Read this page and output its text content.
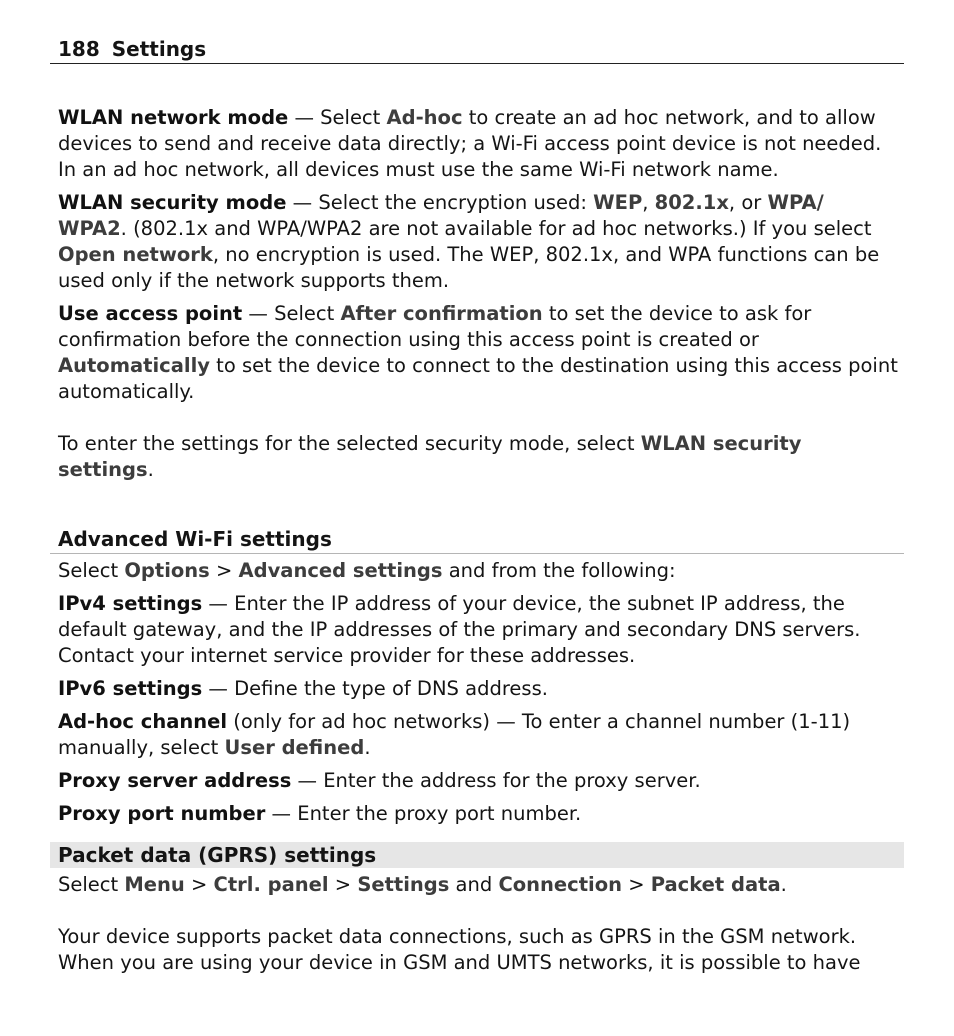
188 Settings

WLAN network mode — Select Ad-hoc to create an ad hoc network, and to allow devices to send and receive data directly; a Wi-Fi access point device is not needed. In an ad hoc network, all devices must use the same Wi-Fi network name.

WLAN security mode — Select the encryption used: WEP, 802.1x, or WPA/ WPA2. (802.1x and WPA/WPA2 are not available for ad hoc networks.) If you select Open network, no encryption is used. The WEP, 802.1x, and WPA functions can be used only if the network supports them.

Use access point — Select After confirmation to set the device to ask for confirmation before the connection using this access point is created or Automatically to set the device to connect to the destination using this access point automatically.

To enter the settings for the selected security mode, select WLAN security settings.

Advanced Wi-Fi settings

Select Options > Advanced settings and from the following:

IPv4 settings — Enter the IP address of your device, the subnet IP address, the default gateway, and the IP addresses of the primary and secondary DNS servers. Contact your internet service provider for these addresses.

IPv6 settings — Define the type of DNS address.

Ad-hoc channel (only for ad hoc networks) — To enter a channel number (1-11) manually, select User defined.

Proxy server address — Enter the address for the proxy server.

Proxy port number — Enter the proxy port number.

Packet data (GPRS) settings

Select Menu > Ctrl. panel > Settings and Connection > Packet data.

Your device supports packet data connections, such as GPRS in the GSM network. When you are using your device in GSM and UMTS networks, it is possible to have
